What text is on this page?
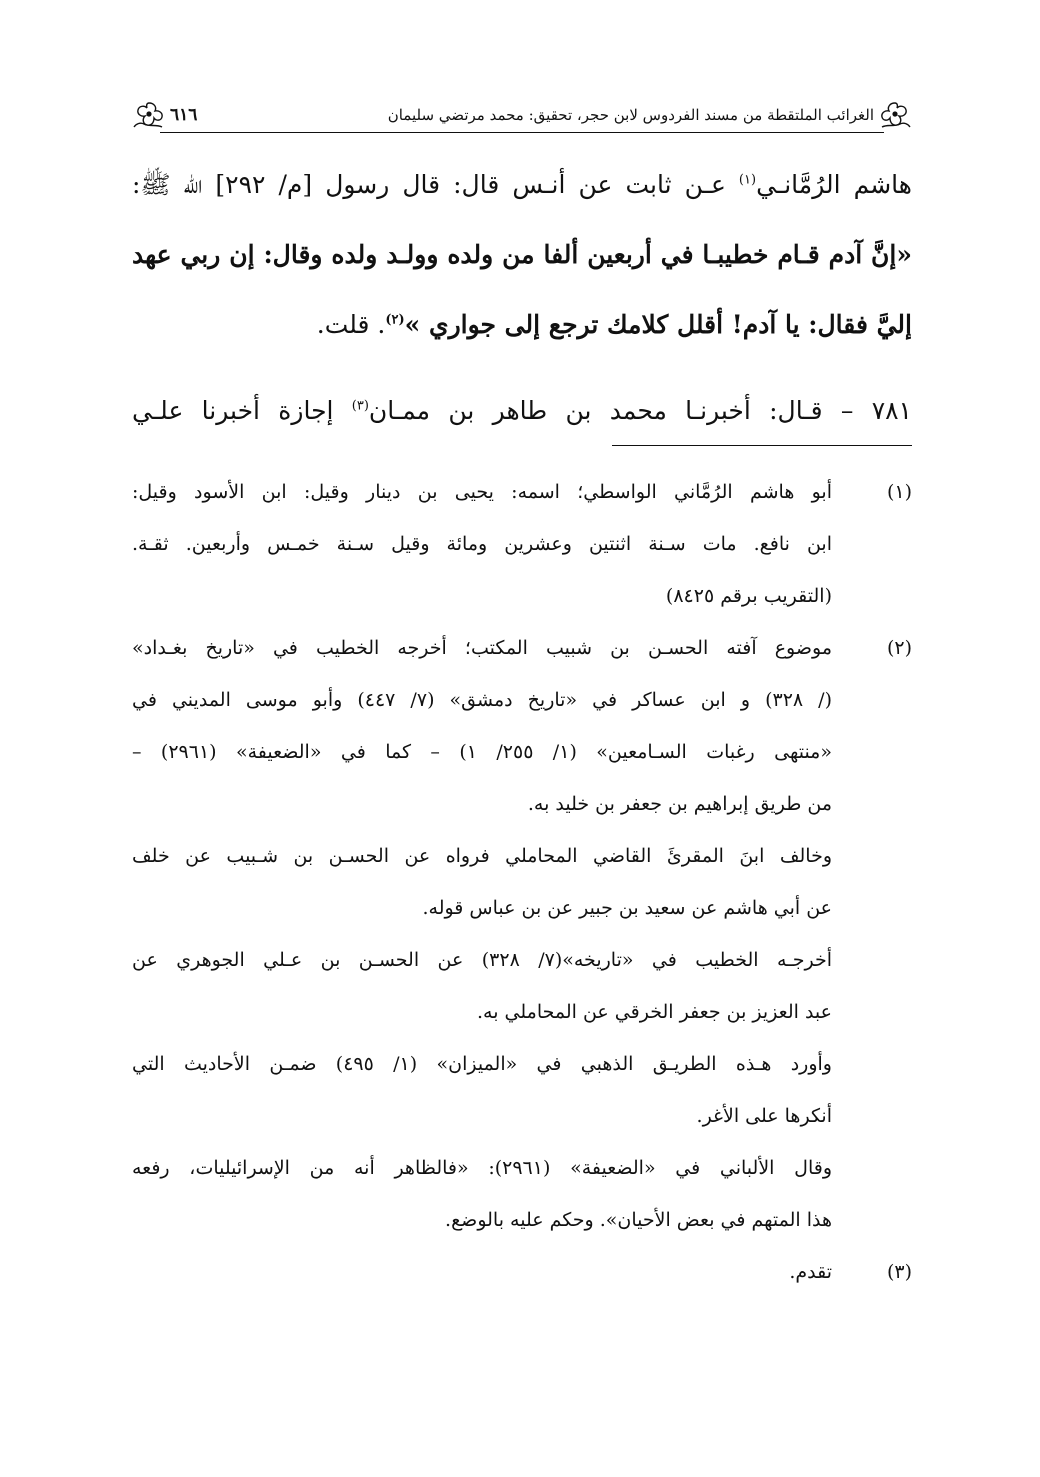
الغرائب الملتقطة من مسند الفردوس لابن حجر، تحقيق: محمد مرتضي سليمان
٦١٦
هاشم الرُمَّانـي$^{(١)}$ عـن ثابت عن أنـس قال: قال رسول [م/ ٢٩٢] الله ﷺ:
«إنَّ آدم قـام خطيبـا في أربعين ألفا من ولده وولـد ولده وقال: إن ربي عهد
إليَّ فقال: يا آدم! أقلل كلامك ترجع إلى جواري »$^{(٢)}$. قلت.
٧٨١ – قـال: أخبرنـا محمد بن طاهر بن ممـان$^{(٣)}$ إجازة أخبرنا علـي
(١)
أبو هاشم الرُمَّاني الواسطي؛ اسمه: يحيى بن دينار وقيل: ابن الأسود وقيل:
ابن نافع. مات سـنة اثنتين وعشرين ومائة وقيل سـنة خمـس وأربعين. ثقـة.
(التقريب برقم ٨٤٢٥)
(٢)
موضوع آفته الحسـن بن شبيب المكتب؛ أخرجه الخطيب في «تاريخ بغـداد»
(/ ٣٢٨) و ابن عساكر في «تاريخ دمشق» (٧/ ٤٤٧) وأبو موسى المديني في
«منتهى رغبات السـامعين» (١/ ٢٥٥/ ١) – كما في «الضعيفة» (٢٩٦١) –
من طريق إبراهيم بن جعفر بن خليد به.
وخالف ابنَ المقرئَ القاضي المحاملي فرواه عن الحسـن بن شـبيب عن خلف
عن أبي هاشم عن سعيد بن جبير عن بن عباس قوله.
أخرجـه الخطيب في «تاريخه»(٧/ ٣٢٨) عن الحسـن بن عـلي الجوهري عن
عبد العزيز بن جعفر الخرقي عن المحاملي به.
وأورد هـذه الطريـق الذهبي في «الميزان» (١/ ٤٩٥) ضمـن الأحاديث التي
أنكرها على الأغر.
وقال الألباني في «الضعيفة» (٢٩٦١): «فالظاهر أنه من الإسرائيليات، رفعه
هذا المتهم في بعض الأحيان». وحكم عليه بالوضع.
(٣)
تقدم.
